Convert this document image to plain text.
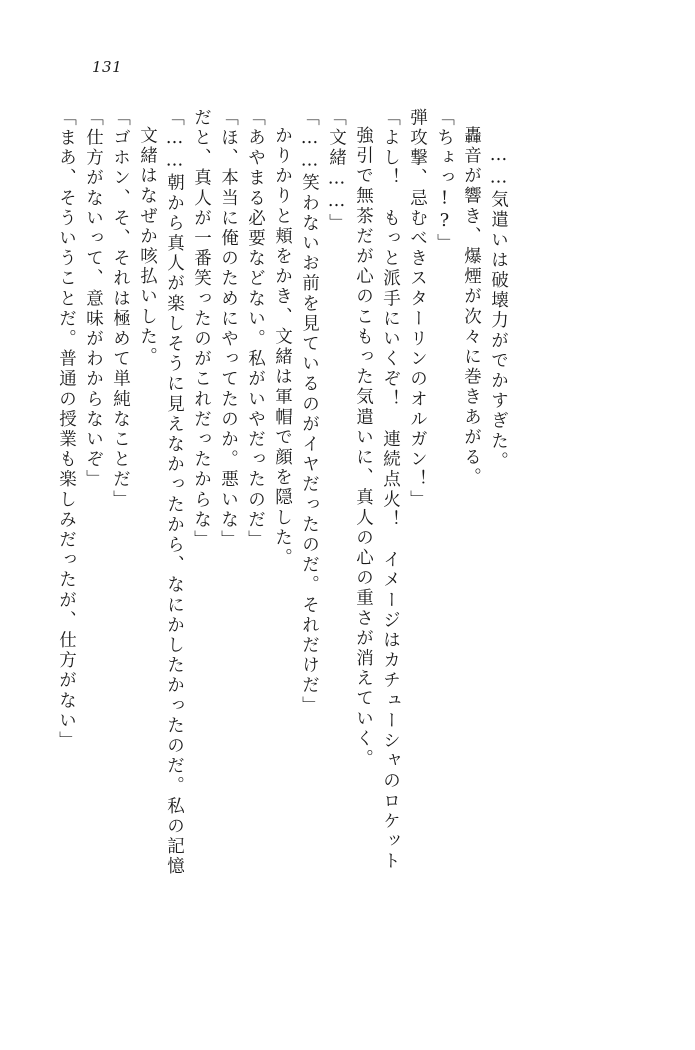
131
「まあ、そういうことだ。普通の授業も楽しみだったが、仕方がない」 「仕方がないって、意味がわからないぞ」 「ゴホン、そ、それは極めて単純なことだ」 文緒はなぜか咳払いした。 「……朝から真人が楽しそうに見えなかったから、なにかしたかったのだ。私の記憶 だと、真人が一番笑ったのがこれだったからな」 「ほ、本当に俺のためにやってたのか。悪いな」 「あやまる必要などない。私がいやだったのだ」 かりかりと頬をかき、文緒は軍帽で顔を隠した。 「……笑わないお前を見ているのがイヤだったのだ。それだけだ」 「文緒……」 強引で無茶だが心のこもった気遣いに、真人の心の重さが消えていく。 「よし！　もっと派手にいくぞ！　連続点火！　イメージはカチューシャのロケット 弾攻撃、忌むべきスターリンのオルガン！」 「ちょっ!?」 轟音が響き、爆煙が次々に巻きあがる。 ……気遣いは破壊力がでかすぎた。
